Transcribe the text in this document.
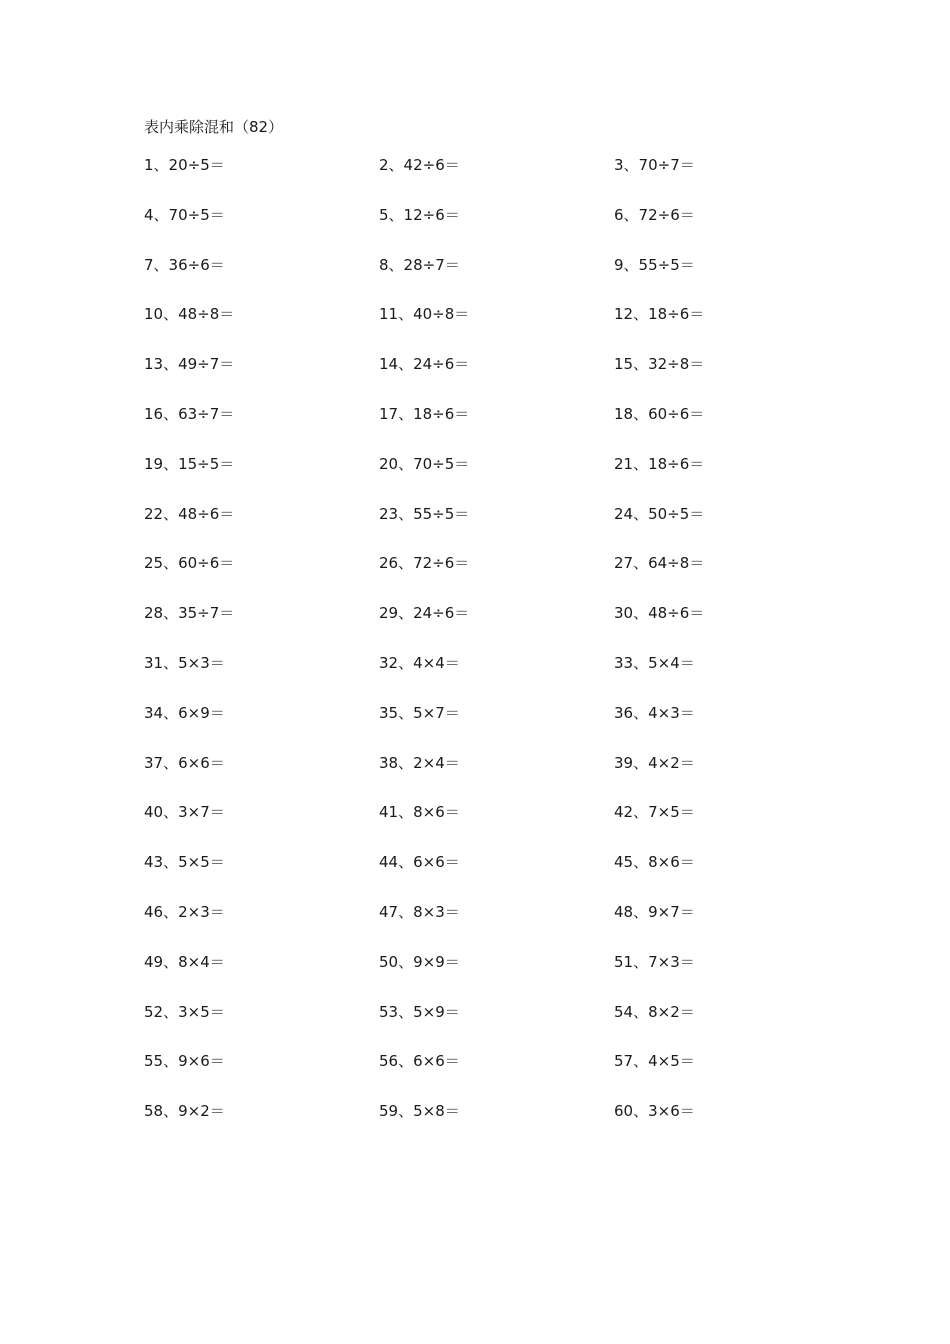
表内乘除混和（82）
1、20÷5＝	2、42÷6＝	3、70÷7＝
4、70÷5＝	5、12÷6＝	6、72÷6＝
7、36÷6＝	8、28÷7＝	9、55÷5＝
10、48÷8＝	11、40÷8＝	12、18÷6＝
13、49÷7＝	14、24÷6＝	15、32÷8＝
16、63÷7＝	17、18÷6＝	18、60÷6＝
19、15÷5＝	20、70÷5＝	21、18÷6＝
22、48÷6＝	23、55÷5＝	24、50÷5＝
25、60÷6＝	26、72÷6＝	27、64÷8＝
28、35÷7＝	29、24÷6＝	30、48÷6＝
31、5×3＝	32、4×4＝	33、5×4＝
34、6×9＝	35、5×7＝	36、4×3＝
37、6×6＝	38、2×4＝	39、4×2＝
40、3×7＝	41、8×6＝	42、7×5＝
43、5×5＝	44、6×6＝	45、8×6＝
46、2×3＝	47、8×3＝	48、9×7＝
49、8×4＝	50、9×9＝	51、7×3＝
52、3×5＝	53、5×9＝	54、8×2＝
55、9×6＝	56、6×6＝	57、4×5＝
58、9×2＝	59、5×8＝	60、3×6＝
